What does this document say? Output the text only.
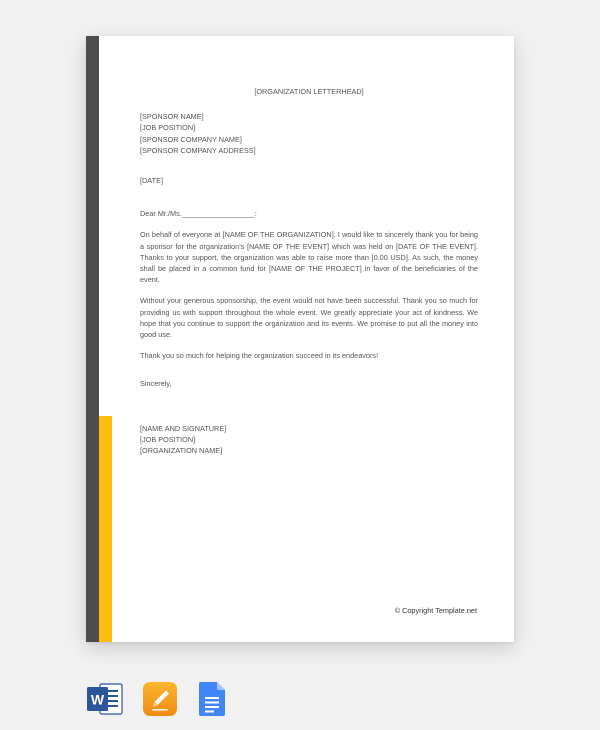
[ORGANIZATION LETTERHEAD]
[SPONSOR NAME]
[JOB POSITION]
[SPONSOR COMPANY NAME]
[SPONSOR COMPANY ADDRESS]
[DATE]
Dear Mr./Ms.__________________:

On behalf of everyone at [NAME OF THE ORGANIZATION], I would like to sincerely thank you for being a sponsor for the organization’s [NAME OF THE EVENT] which was held on [DATE OF THE EVENT]. Thanks to your support, the organization was able to raise more than [0.00 USD]. As such, the money shall be placed in a common fund for [NAME OF THE PROJECT] in favor of the beneficiaries of the event.

Without your generous sponsorship, the event would not have been successful. Thank you so much for providing us with support throughout the whole event. We greatly appreciate your act of kindness. We hope that you continue to support the organization and its events. We promise to put all the money into good use.

Thank you so much for helping the organization succeed in its endeavors!

Sincerely,
[NAME AND SIGNATURE]
[JOB POSITION]
[ORGANIZATION NAME]
© Copyright Template.net
W
